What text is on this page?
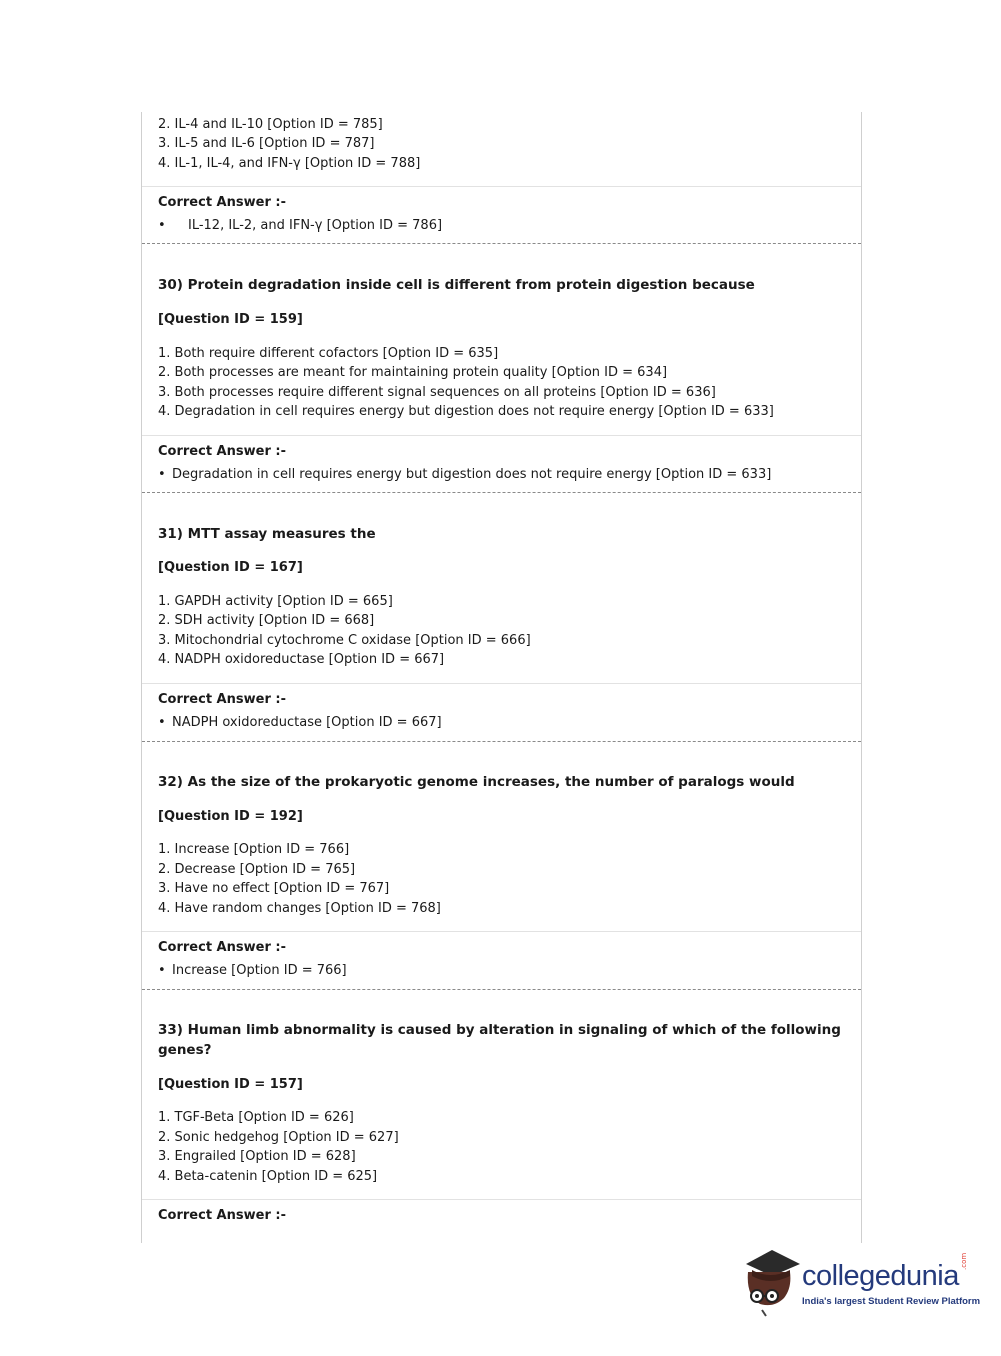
2. IL-4 and IL-10 [Option ID = 785]
3. IL-5 and IL-6 [Option ID = 787]
4. IL-1, IL-4, and IFN-γ [Option ID = 788]
Correct Answer :-
• IL-12, IL-2, and IFN-γ [Option ID = 786]
30) Protein degradation inside cell is different from protein digestion because
[Question ID = 159]
1. Both require different cofactors [Option ID = 635]
2. Both processes are meant for maintaining protein quality [Option ID = 634]
3. Both processes require different signal sequences on all proteins [Option ID = 636]
4. Degradation in cell requires energy but digestion does not require energy [Option ID = 633]
Correct Answer :-
• Degradation in cell requires energy but digestion does not require energy [Option ID = 633]
31) MTT assay measures the
[Question ID = 167]
1. GAPDH activity [Option ID = 665]
2. SDH activity [Option ID = 668]
3. Mitochondrial cytochrome C oxidase [Option ID = 666]
4. NADPH oxidoreductase [Option ID = 667]
Correct Answer :-
• NADPH oxidoreductase [Option ID = 667]
32) As the size of the prokaryotic genome increases, the number of paralogs would
[Question ID = 192]
1. Increase [Option ID = 766]
2. Decrease [Option ID = 765]
3. Have no effect [Option ID = 767]
4. Have random changes [Option ID = 768]
Correct Answer :-
• Increase [Option ID = 766]
33) Human limb abnormality is caused by alteration in signaling of which of the following
genes?
[Question ID = 157]
1. TGF-Beta [Option ID = 626]
2. Sonic hedgehog [Option ID = 627]
3. Engrailed [Option ID = 628]
4. Beta-catenin [Option ID = 625]
Correct Answer :-
collegedunia .com
India's largest Student Review Platform
